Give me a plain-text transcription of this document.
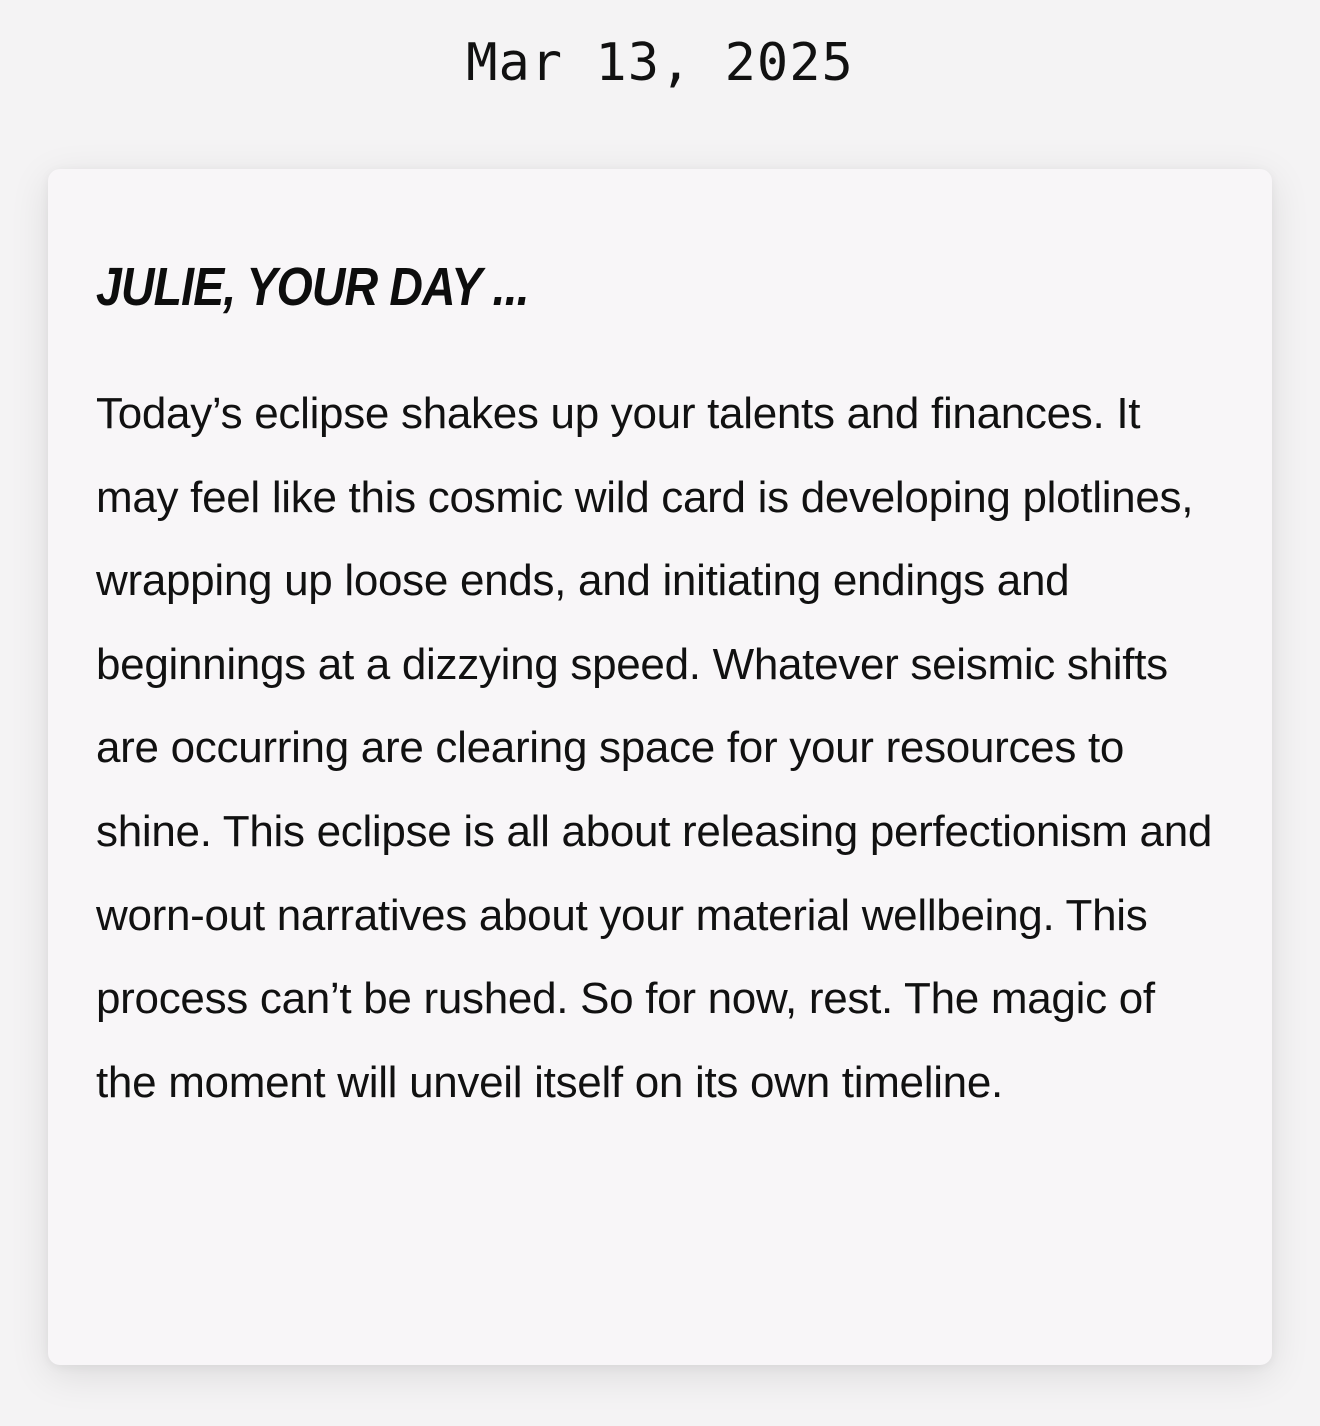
Mar 13, 2025
JULIE, YOUR DAY ...

Today’s eclipse shakes up your talents and finances. It may feel like this cosmic wild card is developing plotlines, wrapping up loose ends, and initiating endings and beginnings at a dizzying speed. Whatever seismic shifts are occurring are clearing space for your resources to shine. This eclipse is all about releasing perfectionism and worn-out narratives about your material wellbeing. This process can’t be rushed. So for now, rest. The magic of the moment will unveil itself on its own timeline.
